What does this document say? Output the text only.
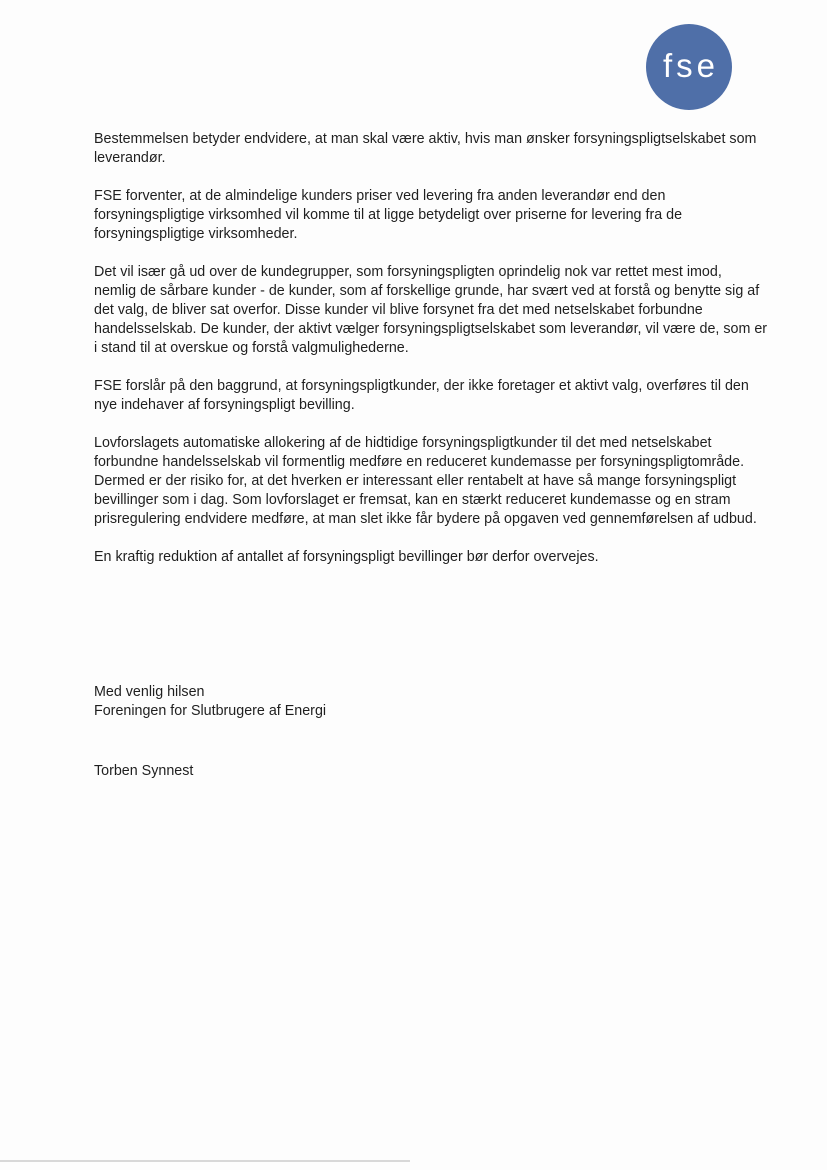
fse

Bestemmelsen betyder endvidere, at man skal være aktiv, hvis man ønsker forsyningspligtselskabet som
leverandør.

FSE forventer, at de almindelige kunders priser ved levering fra anden leverandør end den
forsyningspligtige virksomhed vil komme til at ligge betydeligt over priserne for levering fra de
forsyningspligtige virksomheder.

Det vil især gå ud over de kundegrupper, som forsyningspligten oprindelig nok var rettet mest imod,
nemlig de sårbare kunder - de kunder, som af forskellige grunde, har svært ved at forstå og benytte sig af
det valg, de bliver sat overfor. Disse kunder vil blive forsynet fra det med netselskabet forbundne
handelsselskab. De kunder, der aktivt vælger forsyningspligtselskabet som leverandør, vil være de, som er
i stand til at overskue og forstå valgmulighederne.

FSE forslår på den baggrund, at forsyningspligtkunder, der ikke foretager et aktivt valg, overføres til den
nye indehaver af forsyningspligt bevilling.

Lovforslagets automatiske allokering af de hidtidige forsyningspligtkunder til det med netselskabet
forbundne handelsselskab vil formentlig medføre en reduceret kundemasse per forsyningspligtområde.
Dermed er der risiko for, at det hverken er interessant eller rentabelt at have så mange forsyningspligt
bevillinger som i dag. Som lovforslaget er fremsat, kan en stærkt reduceret kundemasse og en stram
prisregulering endvidere medføre, at man slet ikke får bydere på opgaven ved gennemførelsen af udbud.

En kraftig reduktion af antallet af forsyningspligt bevillinger bør derfor overvejes.

Med venlig hilsen
Foreningen for Slutbrugere af Energi
Torben Synnest
